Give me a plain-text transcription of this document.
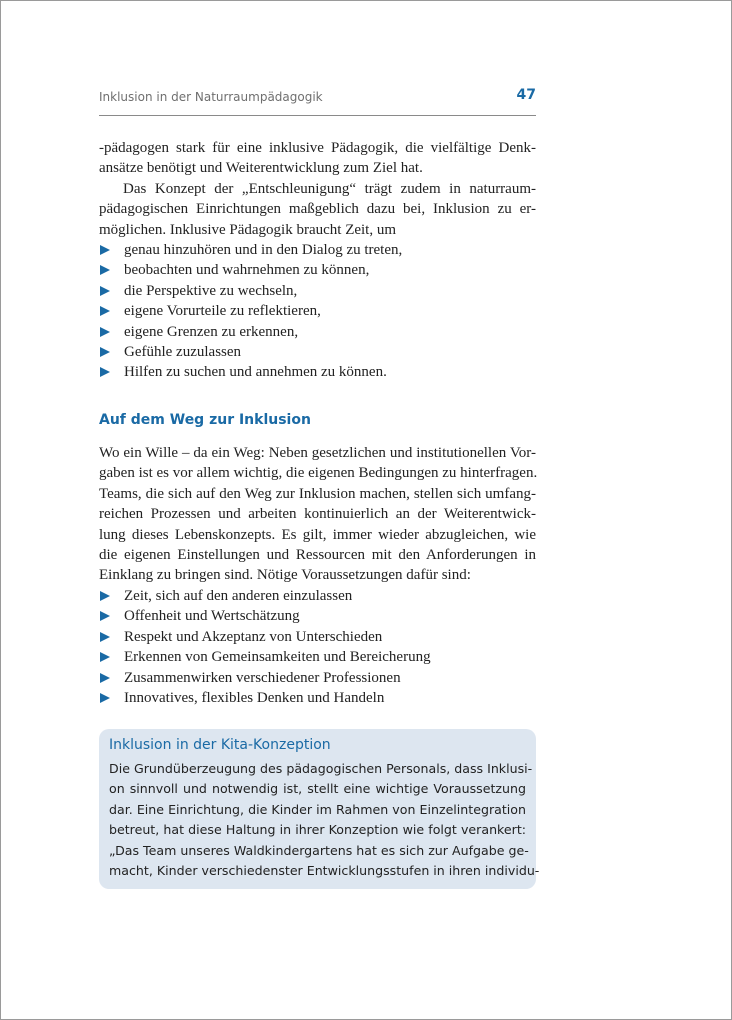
Inklusion in der Naturraumpädagogik	47
-pädagogen stark für eine inklusive Pädagogik, die vielfältige Denk-
ansätze benötigt und Weiterentwicklung zum Ziel hat.
Das Konzept der „Entschleunigung“ trägt zudem in naturraum-
pädagogischen Einrichtungen maßgeblich dazu bei, Inklusion zu er-
möglichen. Inklusive Pädagogik braucht Zeit, um
genau hinzuhören und in den Dialog zu treten,
beobachten und wahrnehmen zu können,
die Perspektive zu wechseln,
eigene Vorurteile zu reflektieren,
eigene Grenzen zu erkennen,
Gefühle zuzulassen
Hilfen zu suchen und annehmen zu können.
Auf dem Weg zur Inklusion
Wo ein Wille – da ein Weg: Neben gesetzlichen und institutionellen Vor-
gaben ist es vor allem wichtig, die eigenen Bedingungen zu hinterfragen.
Teams, die sich auf den Weg zur Inklusion machen, stellen sich umfang-
reichen Prozessen und arbeiten kontinuierlich an der Weiterentwick-
lung dieses Lebenskonzepts. Es gilt, immer wieder abzugleichen, wie
die eigenen Einstellungen und Ressourcen mit den Anforderungen in
Einklang zu bringen sind. Nötige Voraussetzungen dafür sind:
Zeit, sich auf den anderen einzulassen
Offenheit und Wertschätzung
Respekt und Akzeptanz von Unterschieden
Erkennen von Gemeinsamkeiten und Bereicherung
Zusammenwirken verschiedener Professionen
Innovatives, flexibles Denken und Handeln
Inklusion in der Kita-Konzeption
Die Grundüberzeugung des pädagogischen Personals, dass Inklusi-
on sinnvoll und notwendig ist, stellt eine wichtige Voraussetzung
dar. Eine Einrichtung, die Kinder im Rahmen von Einzelintegration
betreut, hat diese Haltung in ihrer Konzeption wie folgt verankert:
„Das Team unseres Waldkindergartens hat es sich zur Aufgabe ge-
macht, Kinder verschiedenster Entwicklungsstufen in ihren individu-
